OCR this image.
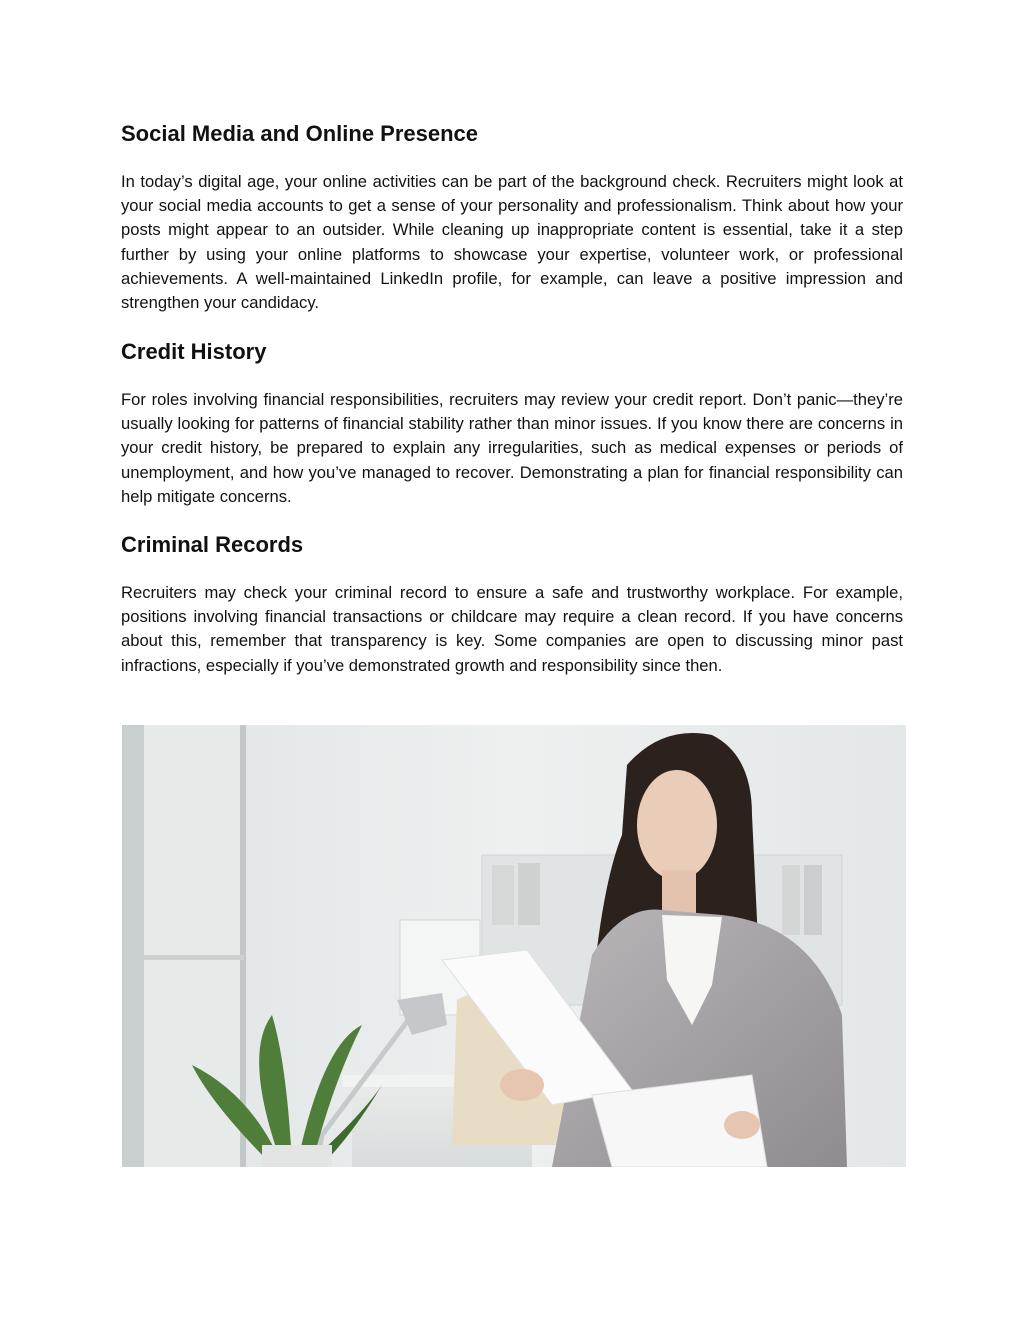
Social Media and Online Presence

In today’s digital age, your online activities can be part of the background check. Recruiters might look at your social media accounts to get a sense of your personality and professionalism. Think about how your posts might appear to an outsider. While cleaning up inappropriate content is essential, take it a step further by using your online platforms to showcase your expertise, volunteer work, or professional achievements. A well-maintained LinkedIn profile, for example, can leave a positive impression and strengthen your candidacy.

Credit History

For roles involving financial responsibilities, recruiters may review your credit report. Don’t panic—they’re usually looking for patterns of financial stability rather than minor issues. If you know there are concerns in your credit history, be prepared to explain any irregularities, such as medical expenses or periods of unemployment, and how you’ve managed to recover. Demonstrating a plan for financial responsibility can help mitigate concerns.

Criminal Records

Recruiters may check your criminal record to ensure a safe and trustworthy workplace. For example, positions involving financial transactions or childcare may require a clean record. If you have concerns about this, remember that transparency is key. Some companies are open to discussing minor past infractions, especially if you’ve demonstrated growth and responsibility since then.
